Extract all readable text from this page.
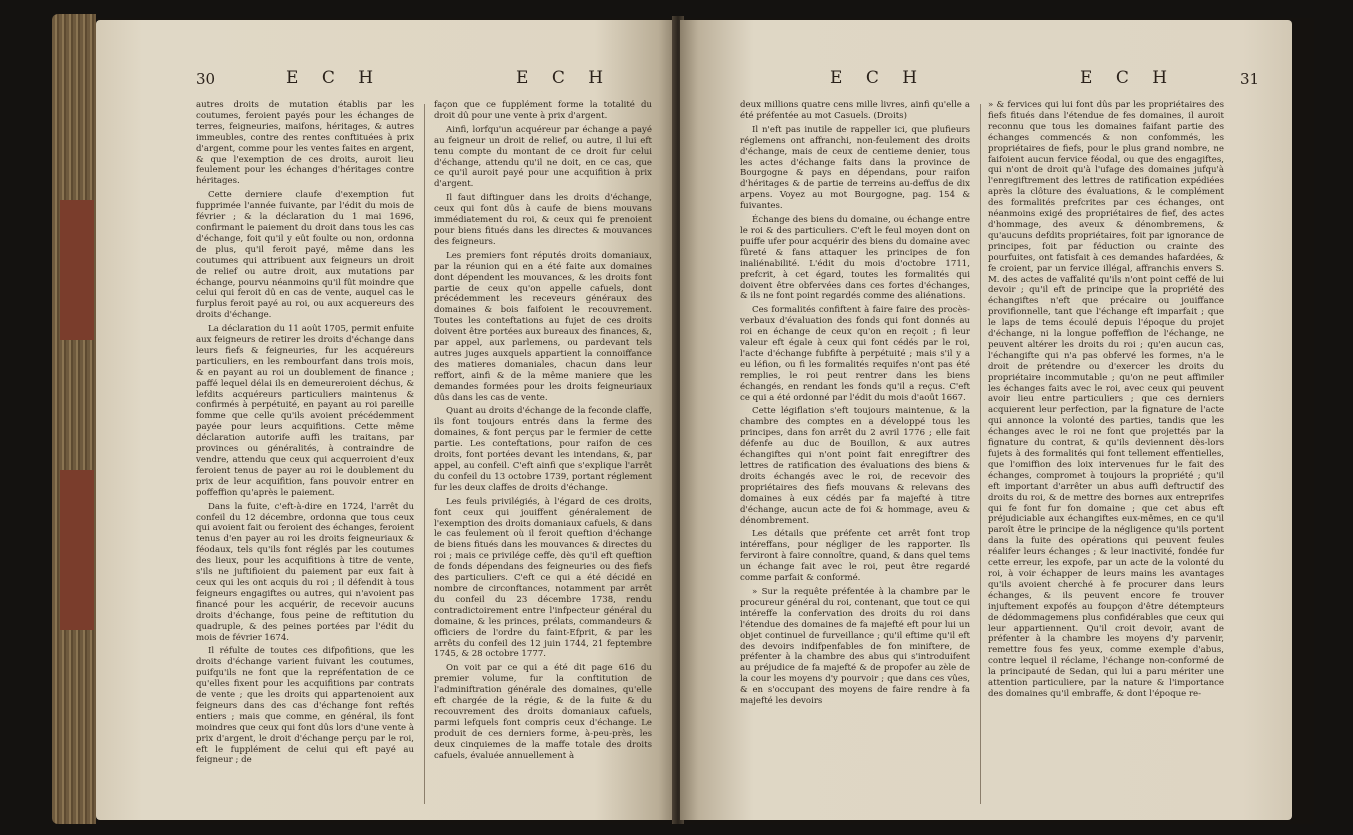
30	E C H	E C H

autres droits de mutation établis par les coutumes, feroient payés pour les échanges de terres, feigneuries, maifons, héritages, & autres immeubles, contre des rentes conftituées à prix d'argent, comme pour les ventes faites en argent, & que l'exemption de ces droits, auroit lieu feulement pour les échanges d'héritages contre héritages.

Cette derniere claufe d'exemption fut fupprimée l'année fuivante, par l'édit du mois de février ; & la déclaration du 1 mai 1696, confirmant le paiement du droit dans tous les cas d'échange, foit qu'il y eût foulte ou non, ordonna de plus, qu'il feroit payé, même dans les coutumes qui attribuent aux feigneurs un droit de relief ou autre droit, aux mutations par échange, pourvu néanmoins qu'il fût moindre que celui qui feroit dû en cas de vente, auquel cas le furplus feroit payé au roi, ou aux acquereurs des droits d'échange.

La déclaration du 11 août 1705, permit enfuite aux feigneurs de retirer les droits d'échange dans leurs fiefs & feigneuries, fur les acquéreurs particuliers, en les rembourfant dans trois mois, & en payant au roi un doublement de finance ; paffé lequel délai ils en demeureroient déchus, & lefdits acquéreurs particuliers maintenus & confirmés à perpétuité, en payant au roi pareille fomme que celle qu'ils avoient précédemment payée pour leurs acquifitions. Cette même déclaration autorife auffi les traitans, par provinces ou généralités, à contraindre de vendre, attendu que ceux qui acquerroient d'eux feroient tenus de payer au roi le doublement du prix de leur acquifition, fans pouvoir entrer en poffeffion qu'après le paiement.

Dans la fuite, c'eft-à-dire en 1724, l'arrêt du confeil du 12 décembre, ordonna que tous ceux qui avoient fait ou feroient des échanges, feroient tenus d'en payer au roi les droits feigneuriaux & féodaux, tels qu'ils font réglés par les coutumes des lieux, pour les acquifitions à titre de vente, s'ils ne juftifioient du paiement par eux fait à ceux qui les ont acquis du roi ; il défendit à tous feigneurs engagiftes ou autres, qui n'avoient pas financé pour les acquérir, de recevoir aucuns droits d'échange, fous peine de reftitution du quadruple, & des peines portées par l'édit du mois de février 1674.

Il réfulte de toutes ces difpofitions, que les droits d'échange varient fuivant les coutumes, puifqu'ils ne font que la repréfentation de ce qu'elles fixent pour les acquifitions par contrats de vente ; que les droits qui appartenoient aux feigneurs dans des cas d'échange font reftés entiers ; mais que comme, en général, ils font moindres que ceux qui font dûs lors d'une vente à prix d'argent, le droit d'échange perçu par le roi, eft le fupplément de celui qui eft payé au feigneur ; de

façon que ce fupplément forme la totalité du droit dû pour une vente à prix d'argent.

Ainfi, lorfqu'un acquéreur par échange a payé au feigneur un droit de relief, ou autre, il lui eft tenu compte du montant de ce droit fur celui d'échange, attendu qu'il ne doit, en ce cas, que ce qu'il auroit payé pour une acquifition à prix d'argent.

Il faut diftinguer dans les droits d'échange, ceux qui font dûs à caufe de biens mouvans immédiatement du roi, & ceux qui fe prenoient pour biens fitués dans les directes & mouvances des feigneurs.

Les premiers font réputés droits domaniaux, par la réunion qui en a été faite aux domaines dont dépendent les mouvances, & les droits font partie de ceux qu'on appelle cafuels, dont précédemment les receveurs généraux des domaines & bois faifoient le recouvrement. Toutes les conteftations au fujet de ces droits doivent être portées aux bureaux des finances, &, par appel, aux parlemens, ou pardevant tels autres juges auxquels appartient la connoiffance des matieres domaniales, chacun dans leur reffort, ainfi & de la même maniere que les demandes formées pour les droits feigneuriaux dûs dans les cas de vente.

Quant au droits d'échange de la feconde claffe, ils font toujours entrés dans la ferme des domaines, & font perçus par le fermier de cette partie. Les conteftations, pour raifon de ces droits, font portées devant les intendans, &, par appel, au confeil. C'eft ainfi que s'explique l'arrêt du confeil du 13 octobre 1739, portant réglement fur les deux claffes de droits d'échange.

Les feuls privilégiés, à l'égard de ces droits, font ceux qui jouiffent généralement de l'exemption des droits domaniaux cafuels, & dans le cas feulement où il feroit queftion d'échange de biens fitués dans les mouvances & directes du roi ; mais ce privilége ceffe, dès qu'il eft queftion de fonds dépendans des feigneuries ou des fiefs des particuliers. C'eft ce qui a été décidé en nombre de circonftances, notamment par arrêt du confeil du 23 décembre 1738, rendu contradictoirement entre l'infpecteur général du domaine, & les princes, prélats, commandeurs & officiers de l'ordre du faint-Efprit, & par les arrêts du confeil des 12 juin 1744, 21 feptembre 1745, & 28 octobre 1777.

On voit par ce qui a été dit page 616 du premier volume, fur la conftitution de l'adminiftration générale des domaines, qu'elle eft chargée de la régie, & de la fuite & du recouvrement des droits domaniaux cafuels, parmi lefquels font compris ceux d'échange. Le produit de ces derniers forme, à-peu-près, les deux cinquiemes de la maffe totale des droits cafuels, évaluée annuellement à

E C H	E C H	31

deux millions quatre cens mille livres, ainfi qu'elle a été préfentée au mot Casuels. (Droits)

Il n'eft pas inutile de rappeller ici, que plufieurs réglemens ont affranchi, non-feulement des droits d'échange, mais de ceux de centieme denier, tous les actes d'échange faits dans la province de Bourgogne & pays en dépendans, pour raifon d'héritages & de partie de terreins au-deffus de dix arpens. Voyez au mot Bourgogne, pag. 154 & fuivantes.

Échange des biens du domaine, ou échange entre le roi & des particuliers. C'eft le feul moyen dont on puiffe ufer pour acquérir des biens du domaine avec fûreté & fans attaquer les principes de fon inaliénabilité. L'édit du mois d'octobre 1711, prefcrit, à cet égard, toutes les formalités qui doivent être obfervées dans ces fortes d'échanges, & ils ne font point regardés comme des aliénations.

Ces formalités confiftent à faire faire des procès-verbaux d'évaluation des fonds qui font donnés au roi en échange de ceux qu'on en reçoit ; fi leur valeur eft égale à ceux qui font cédés par le roi, l'acte d'échange fubfifte à perpétuité ; mais s'il y a eu léfion, ou fi les formalités requifes n'ont pas été remplies, le roi peut rentrer dans les biens échangés, en rendant les fonds qu'il a reçus. C'eft ce qui a été ordonné par l'édit du mois d'août 1667.

Cette légiflation s'eft toujours maintenue, & la chambre des comptes en a développé tous les principes, dans fon arrêt du 2 avril 1776 ; elle fait défenfe au duc de Bouillon, & aux autres échangiftes qui n'ont point fait enregiftrer des lettres de ratification des évaluations des biens & droits échangés avec le roi, de recevoir des propriétaires des fiefs mouvans & relevans des domaines à eux cédés par fa majefté à titre d'échange, aucun acte de foi & hommage, aveu & dénombrement.

Les détails que préfente cet arrêt font trop intéreffans, pour négliger de les rapporter. Ils ferviront à faire connoître, quand, & dans quel tems un échange fait avec le roi, peut être regardé comme parfait & conformé.

» Sur la requête préfentée à la chambre par le procureur général du roi, contenant, que tout ce qui intéreffe la confervation des droits du roi dans l'étendue des domaines de fa majefté eft pour lui un objet continuel de furveillance ; qu'il eftime qu'il eft des devoirs indifpenfables de fon miniftere, de préfenter à la chambre des abus qui s'introduifent au préjudice de fa majefté & de propofer au zèle de la cour les moyens d'y pourvoir ; que dans ces vûes, & en s'occupant des moyens de faire rendre à fa majefté les devoirs

» & fervices qui lui font dûs par les propriétaires des fiefs fitués dans l'étendue de fes domaines, il auroit reconnu que tous les domaines faifant partie des échanges commencés & non confommés, les propriétaires de fiefs, pour le plus grand nombre, ne faifoient aucun fervice féodal, ou que des engagiftes, qui n'ont de droit qu'à l'ufage des domaines jufqu'à l'enregiftrement des lettres de ratification expédiées après la clôture des évaluations, & le complément des formalités prefcrites par ces échanges, ont néanmoins exigé des propriétaires de fief, des actes d'hommage, des aveux & dénombremens, & qu'aucuns defdits propriétaires, foit par ignorance de principes, foit par féduction ou crainte des pourfuites, ont fatisfait à ces demandes hafardées, & fe croient, par un fervice illégal, affranchis envers S. M. des actes de vaffalité qu'ils n'ont point ceffé de lui devoir ; qu'il eft de principe que la propriété des échangiftes n'eft que précaire ou jouiffance provifionnelle, tant que l'échange eft imparfait ; que le laps de tems écoulé depuis l'époque du projet d'échange, ni la longue poffeffion de l'échange, ne peuvent altérer les droits du roi ; qu'en aucun cas, l'échangifte qui n'a pas obfervé les formes, n'a le droit de prétendre ou d'exercer les droits du propriétaire incommutable ; qu'on ne peut affimiler les échanges faits avec le roi, avec ceux qui peuvent avoir lieu entre particuliers ; que ces derniers acquierent leur perfection, par la fignature de l'acte qui annonce la volonté des parties, tandis que les échanges avec le roi ne font que projettés par la fignature du contrat, & qu'ils deviennent dès-lors fujets à des formalités qui font tellement effentielles, que l'omiffion des loix intervenues fur le fait des échanges, compromet à toujours la propriété ; qu'il eft important d'arrêter un abus auffi deftructif des droits du roi, & de mettre des bornes aux entreprifes qui fe font fur fon domaine ; que cet abus eft préjudiciable aux échangiftes eux-mêmes, en ce qu'il paroît être le principe de la négligence qu'ils portent dans la fuite des opérations qui peuvent feules réalifer leurs échanges ; & leur inactivité, fondée fur cette erreur, les expofe, par un acte de la volonté du roi, à voir échapper de leurs mains les avantages qu'ils avoient cherché à fe procurer dans leurs échanges, & ils peuvent encore fe trouver injuftement expofés au foupçon d'être détempteurs de dédommagemens plus confidérables que ceux qui leur appartiennent. Qu'il croit devoir, avant de préfenter à la chambre les moyens d'y parvenir, remettre fous fes yeux, comme exemple d'abus, contre lequel il réclame, l'échange non-conformé de la principauté de Sedan, qui lui a paru mériter une attention particuliere, par la nature & l'importance des domaines qu'il embraffe, & dont l'époque re-
